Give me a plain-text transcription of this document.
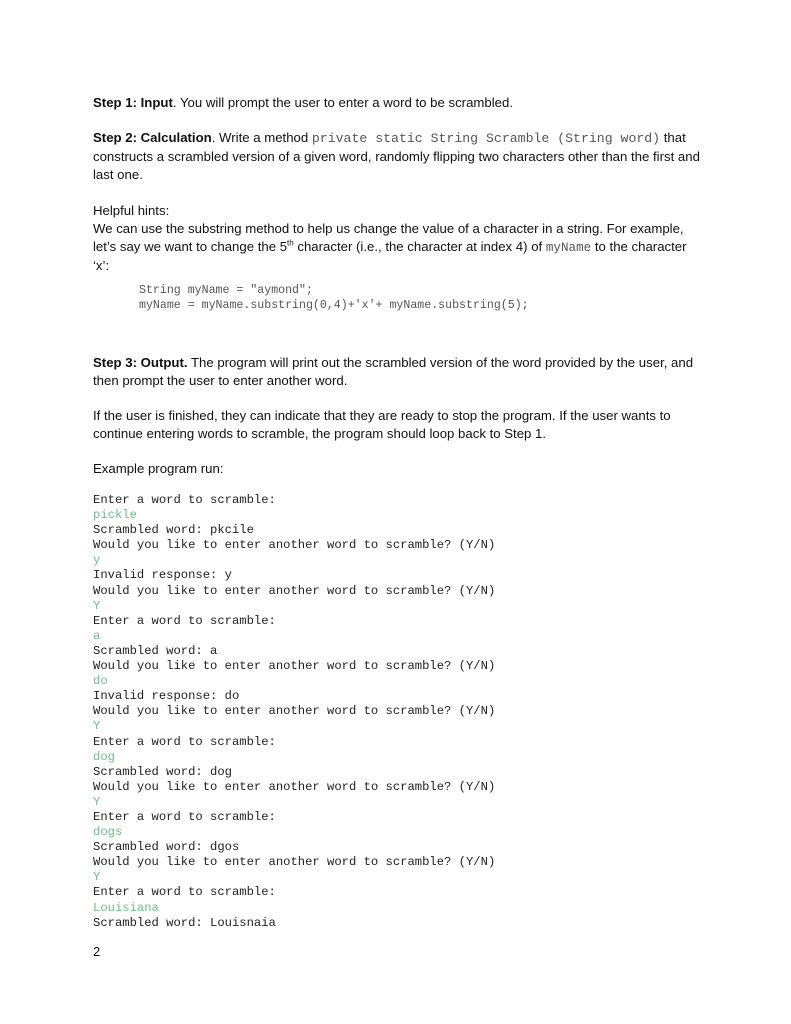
Step 1: Input. You will prompt the user to enter a word to be scrambled.

Step 2: Calculation. Write a method private static String Scramble (String word) that constructs a scrambled version of a given word, randomly flipping two characters other than the first and last one.

Helpful hints:

We can use the substring method to help us change the value of a character in a string. For example, let’s say we want to change the 5th character (i.e., the character at index 4) of myName to the character ‘x’:

String myName = "aymond";
myName = myName.substring(0,4)+'x'+ myName.substring(5);

Step 3: Output. The program will print out the scrambled version of the word provided by the user, and then prompt the user to enter another word.

If the user is finished, they can indicate that they are ready to stop the program. If the user wants to continue entering words to scramble, the program should loop back to Step 1.

Example program run:

Enter a word to scramble:
pickle
Scrambled word: pkcile
Would you like to enter another word to scramble? (Y/N)
y
Invalid response: y
Would you like to enter another word to scramble? (Y/N)
Y
Enter a word to scramble:
a
Scrambled word: a
Would you like to enter another word to scramble? (Y/N)
do
Invalid response: do
Would you like to enter another word to scramble? (Y/N)
Y
Enter a word to scramble:
dog
Scrambled word: dog
Would you like to enter another word to scramble? (Y/N)
Y
Enter a word to scramble:
dogs
Scrambled word: dgos
Would you like to enter another word to scramble? (Y/N)
Y
Enter a word to scramble:
Louisiana
Scrambled word: Louisnaia
2
